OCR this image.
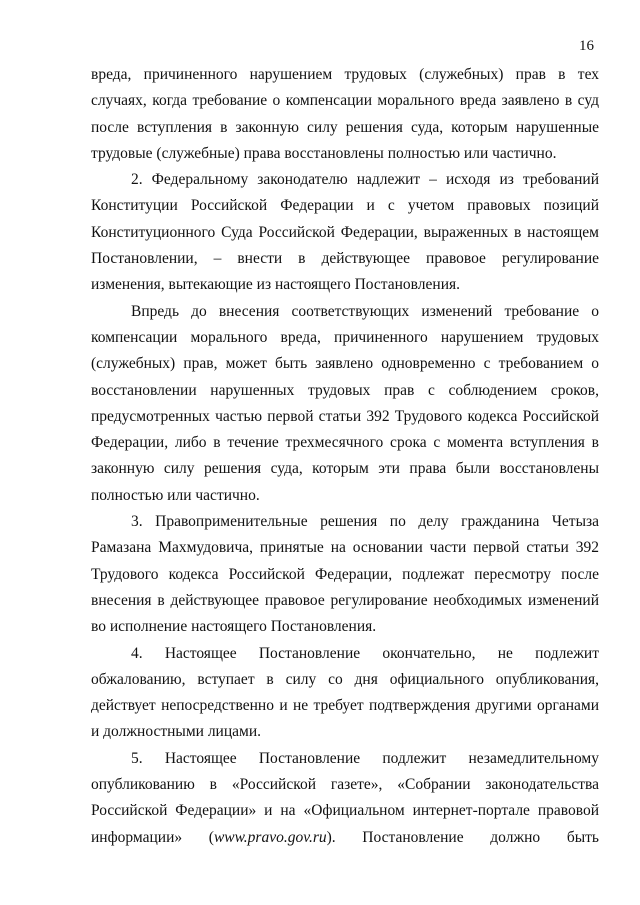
16

вреда, причиненного нарушением трудовых (служебных) прав в тех случаях, когда требование о компенсации морального вреда заявлено в суд после вступления в законную силу решения суда, которым нарушенные трудовые (служебные) права восстановлены полностью или частично.

2. Федеральному законодателю надлежит – исходя из требований Конституции Российской Федерации и с учетом правовых позиций Конституционного Суда Российской Федерации, выраженных в настоящем Постановлении, – внести в действующее правовое регулирование изменения, вытекающие из настоящего Постановления.

Впредь до внесения соответствующих изменений требование о компенсации морального вреда, причиненного нарушением трудовых (служебных) прав, может быть заявлено одновременно с требованием о восстановлении нарушенных трудовых прав с соблюдением сроков, предусмотренных частью первой статьи 392 Трудового кодекса Российской Федерации, либо в течение трехмесячного срока с момента вступления в законную силу решения суда, которым эти права были восстановлены полностью или частично.

3. Правоприменительные решения по делу гражданина Четыза Рамазана Махмудовича, принятые на основании части первой статьи 392 Трудового кодекса Российской Федерации, подлежат пересмотру после внесения в действующее правовое регулирование необходимых изменений во исполнение настоящего Постановления.

4. Настоящее Постановление окончательно, не подлежит обжалованию, вступает в силу со дня официального опубликования, действует непосредственно и не требует подтверждения другими органами и должностными лицами.

5. Настоящее Постановление подлежит незамедлительному опубликованию в «Российской газете», «Собрании законодательства Российской Федерации» и на «Официальном интернет-портале правовой информации» (www.pravo.gov.ru). Постановление должно быть
